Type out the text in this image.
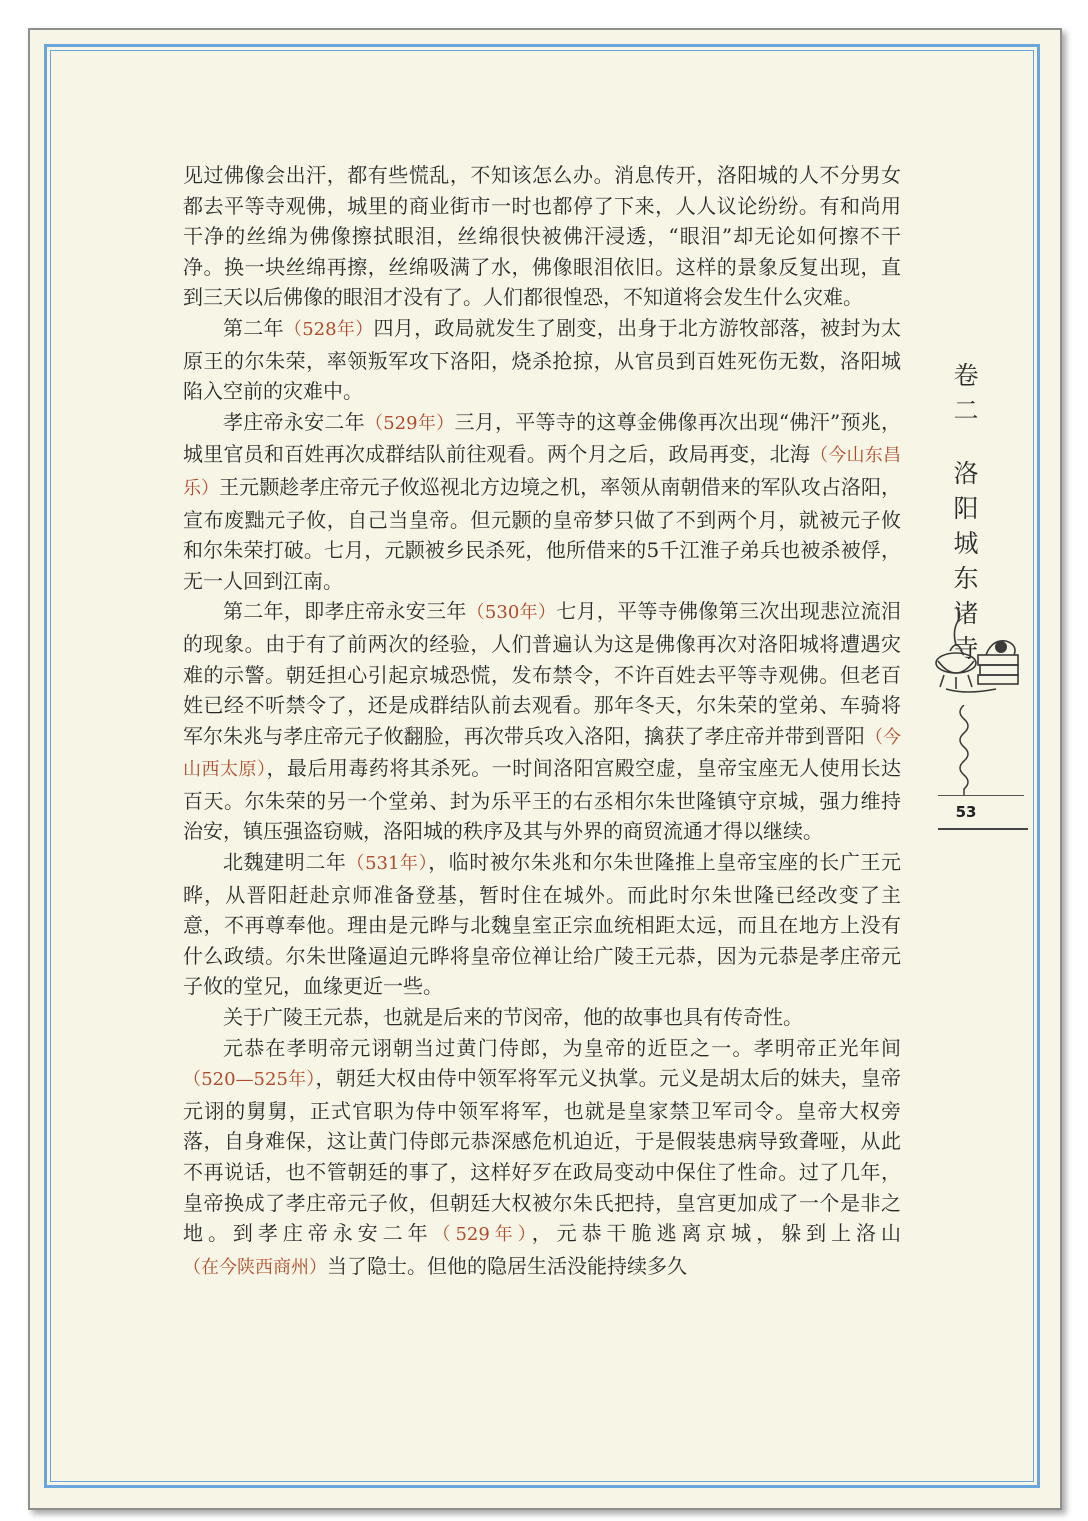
见过佛像会出汗，都有些慌乱，不知该怎么办。消息传开，洛阳城的人不分男女都去平等寺观佛，城里的商业街市一时也都停了下来，人人议论纷纷。有和尚用干净的丝绵为佛像擦拭眼泪，丝绵很快被佛汗浸透，“眼泪”却无论如何擦不干净。换一块丝绵再擦，丝绵吸满了水，佛像眼泪依旧。这样的景象反复出现，直到三天以后佛像的眼泪才没有了。人们都很惶恐，不知道将会发生什么灾难。

第二年（528年）四月，政局就发生了剧变，出身于北方游牧部落，被封为太原王的尔朱荣，率领叛军攻下洛阳，烧杀抢掠，从官员到百姓死伤无数，洛阳城陷入空前的灾难中。

孝庄帝永安二年（529年）三月，平等寺的这尊金佛像再次出现“佛汗”预兆，城里官员和百姓再次成群结队前往观看。两个月之后，政局再变，北海（今山东昌乐）王元颢趁孝庄帝元子攸巡视北方边境之机，率领从南朝借来的军队攻占洛阳，宣布废黜元子攸，自己当皇帝。但元颢的皇帝梦只做了不到两个月，就被元子攸和尔朱荣打破。七月，元颢被乡民杀死，他所借来的5千江淮子弟兵也被杀被俘，无一人回到江南。

第二年，即孝庄帝永安三年（530年）七月，平等寺佛像第三次出现悲泣流泪的现象。由于有了前两次的经验，人们普遍认为这是佛像再次对洛阳城将遭遇灾难的示警。朝廷担心引起京城恐慌，发布禁令，不许百姓去平等寺观佛。但老百姓已经不听禁令了，还是成群结队前去观看。那年冬天，尔朱荣的堂弟、车骑将军尔朱兆与孝庄帝元子攸翻脸，再次带兵攻入洛阳，擒获了孝庄帝并带到晋阳（今山西太原），最后用毒药将其杀死。一时间洛阳宫殿空虚，皇帝宝座无人使用长达百天。尔朱荣的另一个堂弟、封为乐平王的右丞相尔朱世隆镇守京城，强力维持治安，镇压强盗窃贼，洛阳城的秩序及其与外界的商贸流通才得以继续。

北魏建明二年（531年），临时被尔朱兆和尔朱世隆推上皇帝宝座的长广王元晔，从晋阳赶赴京师准备登基，暂时住在城外。而此时尔朱世隆已经改变了主意，不再尊奉他。理由是元晔与北魏皇室正宗血统相距太远，而且在地方上没有什么政绩。尔朱世隆逼迫元晔将皇帝位禅让给广陵王元恭，因为元恭是孝庄帝元子攸的堂兄，血缘更近一些。

关于广陵王元恭，也就是后来的节闵帝，他的故事也具有传奇性。

元恭在孝明帝元诩朝当过黄门侍郎，为皇帝的近臣之一。孝明帝正光年间（520—525年），朝廷大权由侍中领军将军元义执掌。元义是胡太后的妹夫，皇帝元诩的舅舅，正式官职为侍中领军将军，也就是皇家禁卫军司令。皇帝大权旁落，自身难保，这让黄门侍郎元恭深感危机迫近，于是假装患病导致聋哑，从此不再说话，也不管朝廷的事了，这样好歹在政局变动中保住了性命。过了几年，皇帝换成了孝庄帝元子攸，但朝廷大权被尔朱氏把持，皇宫更加成了一个是非之地。到孝庄帝永安二年（529年），元恭干脆逃离京城，躲到上洛山（在今陕西商州）当了隐士。但他的隐居生活没能持续多久

卷
二
洛
阳
城
东
诸
寺
53
